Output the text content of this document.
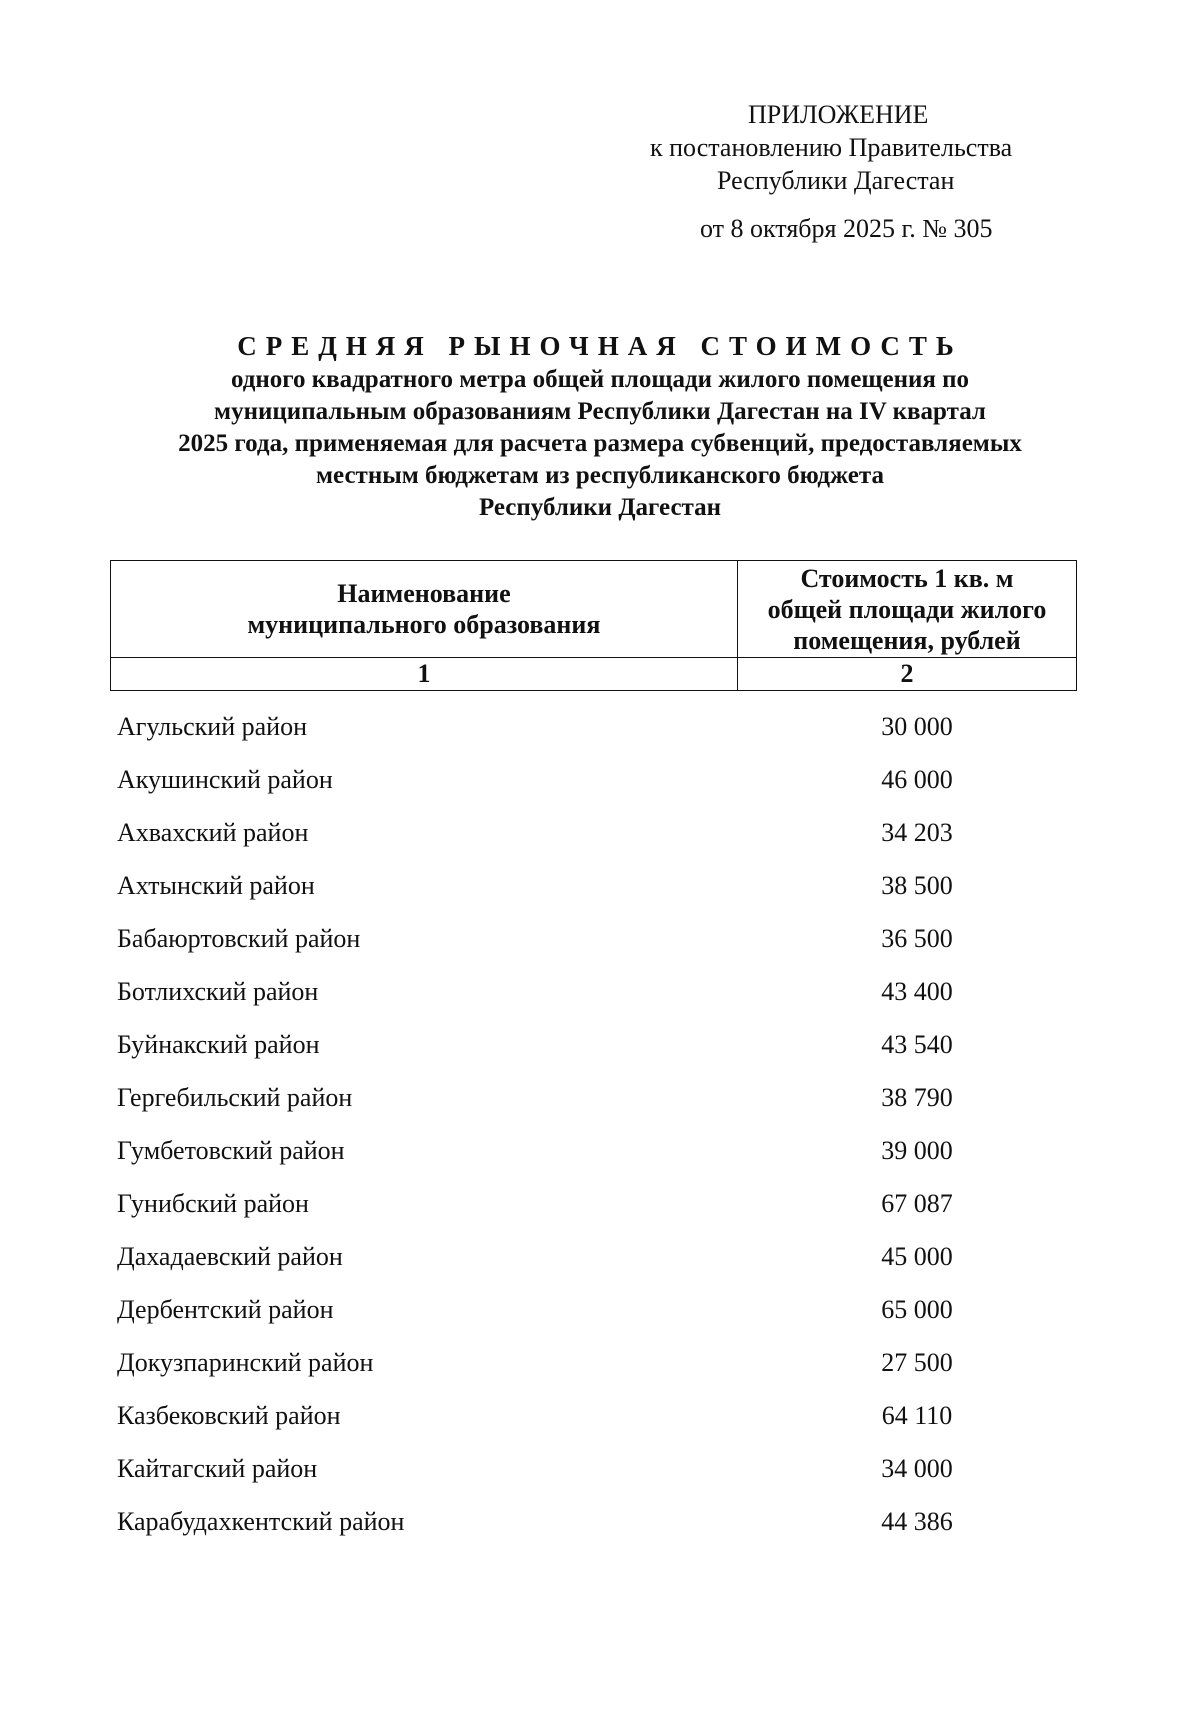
ПРИЛОЖЕНИЕ
к постановлению Правительства
Республики Дагестан
от 8 октября 2025 г. № 305
СРЕДНЯЯ РЫНОЧНАЯ СТОИМОСТЬ
одного квадратного метра общей площади жилого помещения по
муниципальным образованиям Республики Дагестан на IV квартал
2025 года, применяемая для расчета размера субвенций, предоставляемых
местным бюджетам из республиканского бюджета
Республики Дагестан
Наименование
муниципального образования	Стоимость 1 кв. м
общей площади жилого
помещения, рублей
1	2
Агульский район	30 000
Акушинский район	46 000
Ахвахский район	34 203
Ахтынский район	38 500
Бабаюртовский район	36 500
Ботлихский район	43 400
Буйнакский район	43 540
Гергебильский район	38 790
Гумбетовский район	39 000
Гунибский район	67 087
Дахадаевский район	45 000
Дербентский район	65 000
Докузпаринский район	27 500
Казбековский район	64 110
Кайтагский район	34 000
Карабудахкентский район	44 386
